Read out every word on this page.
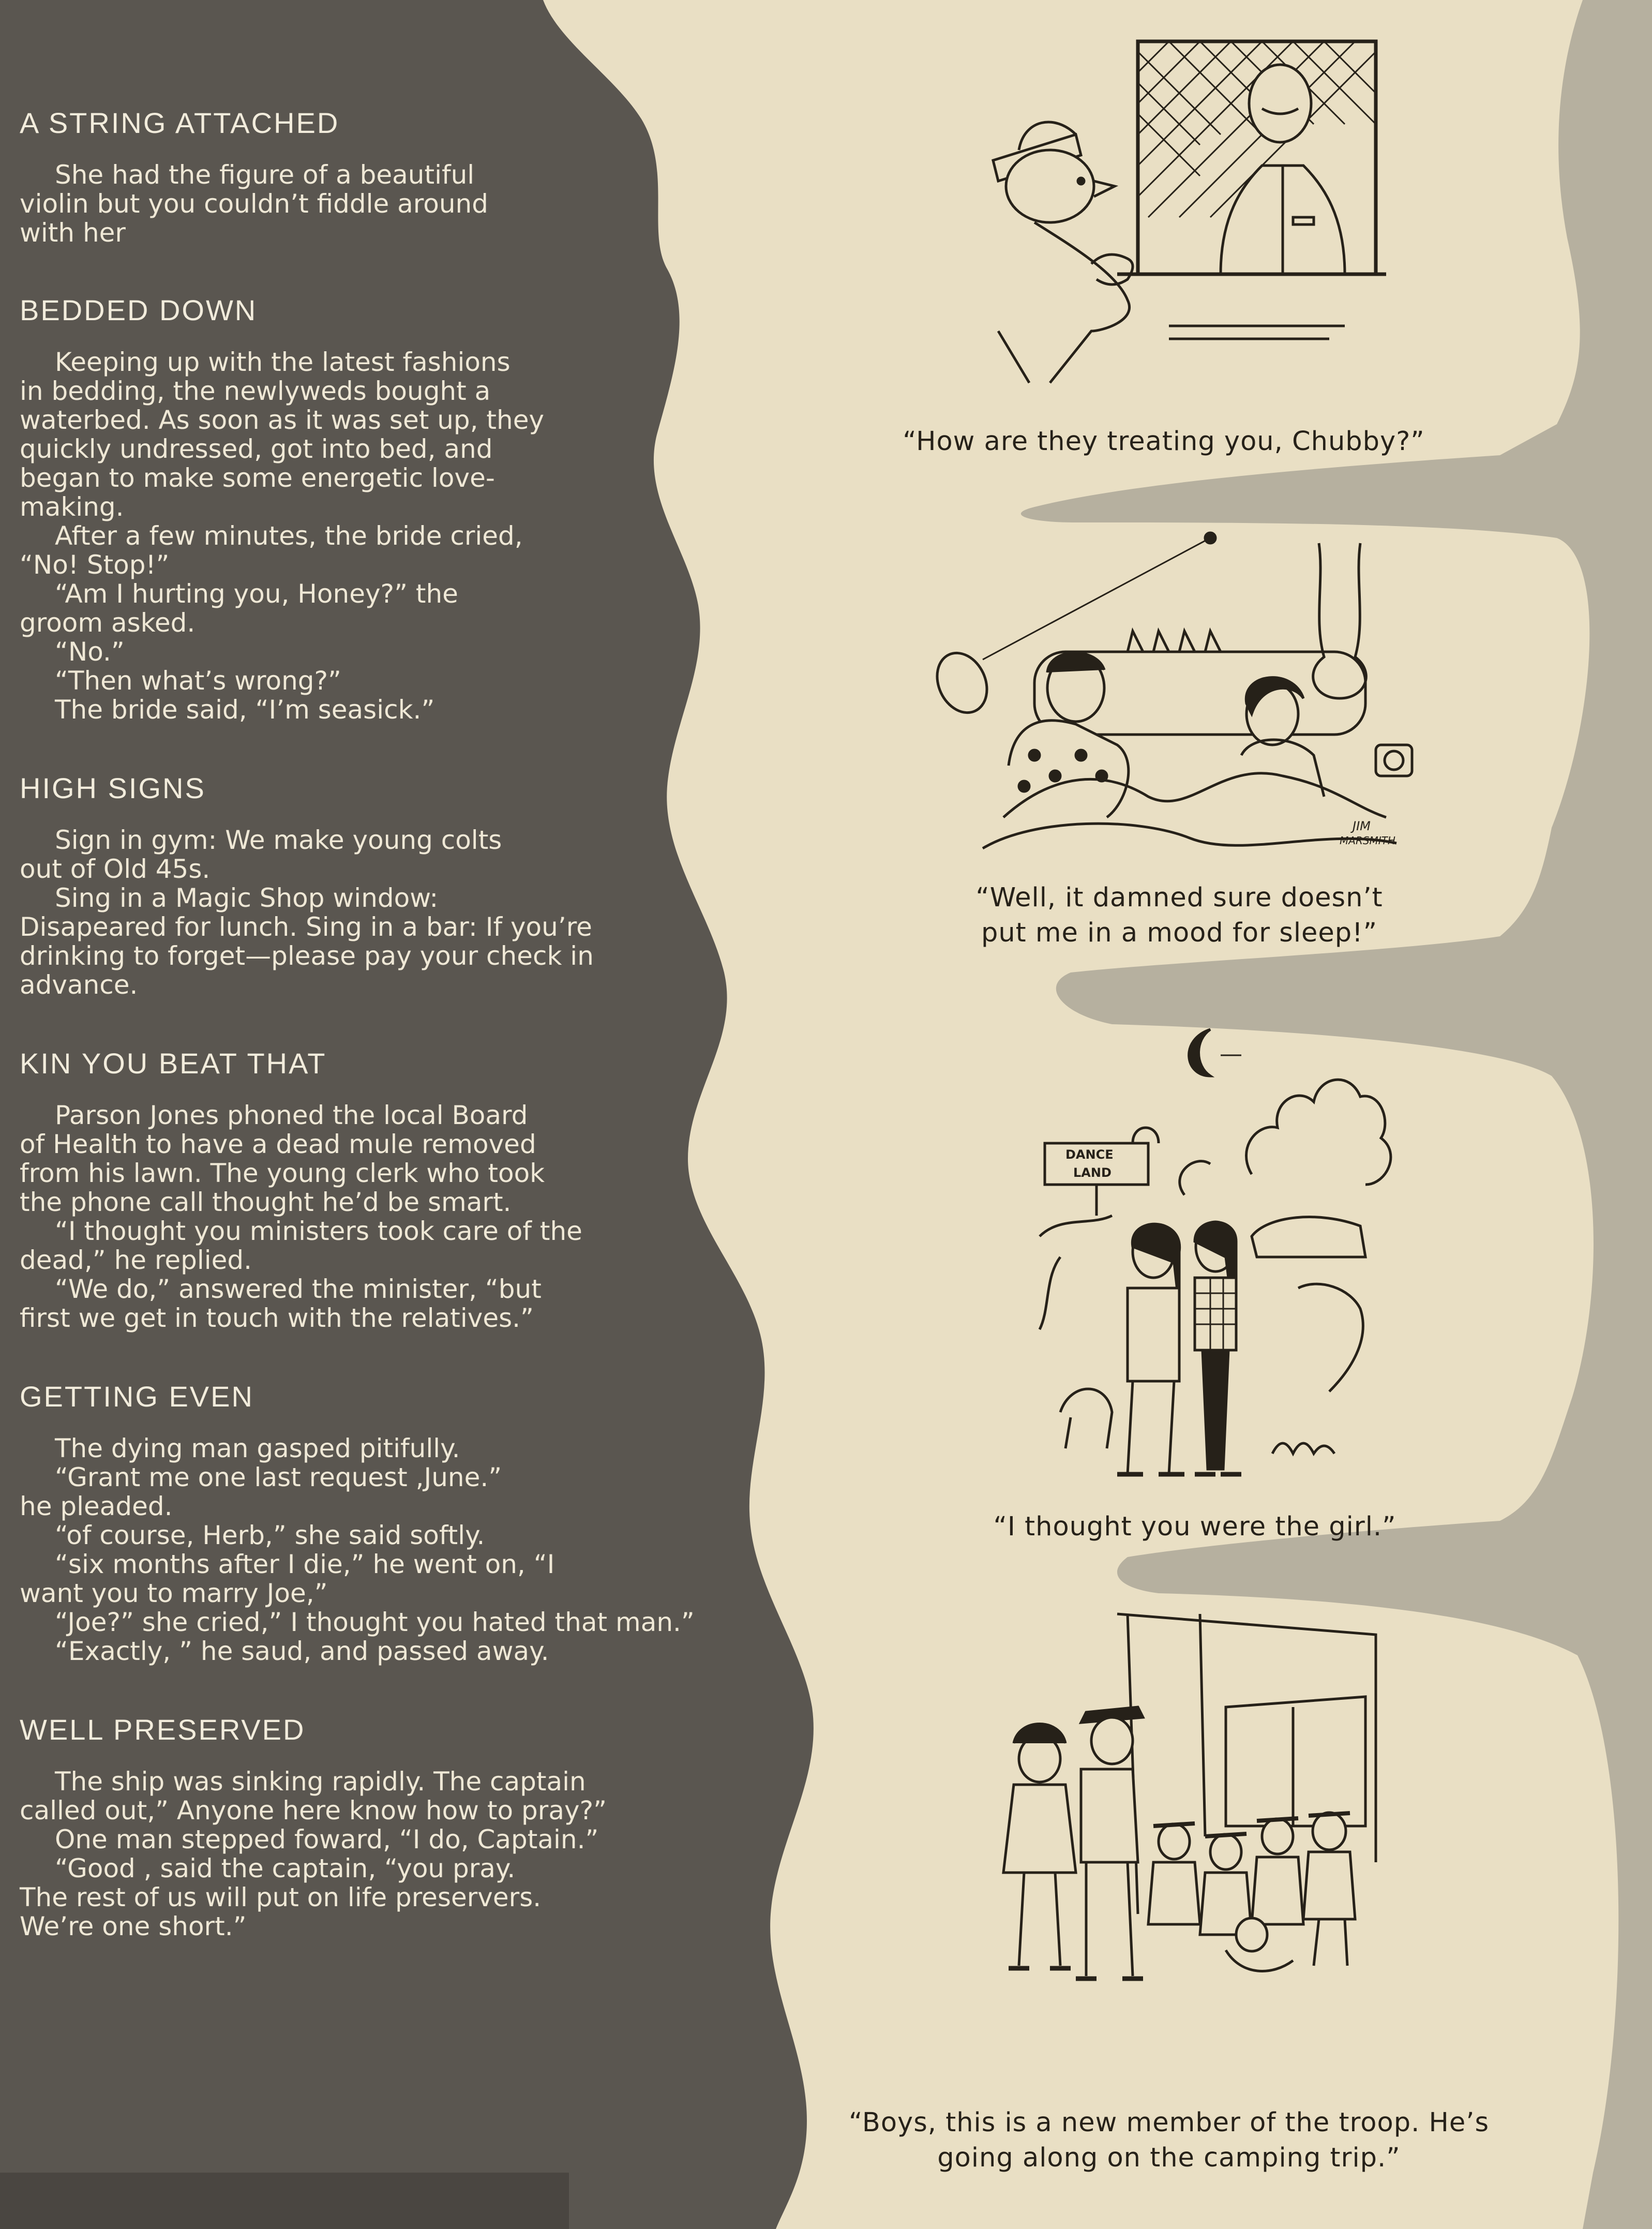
A STRING ATTACHED

She had the figure of a beautiful

violin but you couldn’t fiddle around

with her

BEDDED DOWN

Keeping up with the latest fashions

in bedding, the newlyweds bought a

waterbed. As soon as it was set up, they

quickly undressed, got into bed, and

began to make some energetic love-

making.

After a few minutes, the bride cried,

“No! Stop!”

“Am I hurting you, Honey?” the

groom asked.

“No.”

“Then what’s wrong?”

The bride said, “I’m seasick.”

HIGH SIGNS

Sign in gym: We make young colts

out of Old 45s.

Sing in a Magic Shop window:

Disapeared for lunch. Sing in a bar: If you’re

drinking to forget—please pay your check in

advance.

KIN YOU BEAT THAT

Parson Jones phoned the local Board

of Health to have a dead mule removed

from his lawn. The young clerk who took

the phone call thought he’d be smart.

“I thought you ministers took care of the

dead,” he replied.

“We do,” answered the minister, “but

first we get in touch with the relatives.”

GETTING EVEN

The dying man gasped pitifully.

“Grant me one last request ,June.”

he pleaded.

“of course, Herb,” she said softly.

“six months after I die,” he went on, “I

want you to marry Joe,”

“Joe?” she cried,” I thought you hated that man.”

“Exactly, ” he saud, and passed away.

WELL PRESERVED

The ship was sinking rapidly. The captain

called out,” Anyone here know how to pray?”

One man stepped foward, “I do, Captain.”

“Good , said the captain, “you pray.

The rest of us will put on life preservers.

We’re one short.”

“How are they treating you, Chubby?”
JIM
MARSMITH
“Well, it damned sure doesn’t
put me in a mood for sleep!”
DANCE
LAND
“I thought you were the girl.”
“Boys, this is a new member of the troop. He’s
going along on the camping trip.”
